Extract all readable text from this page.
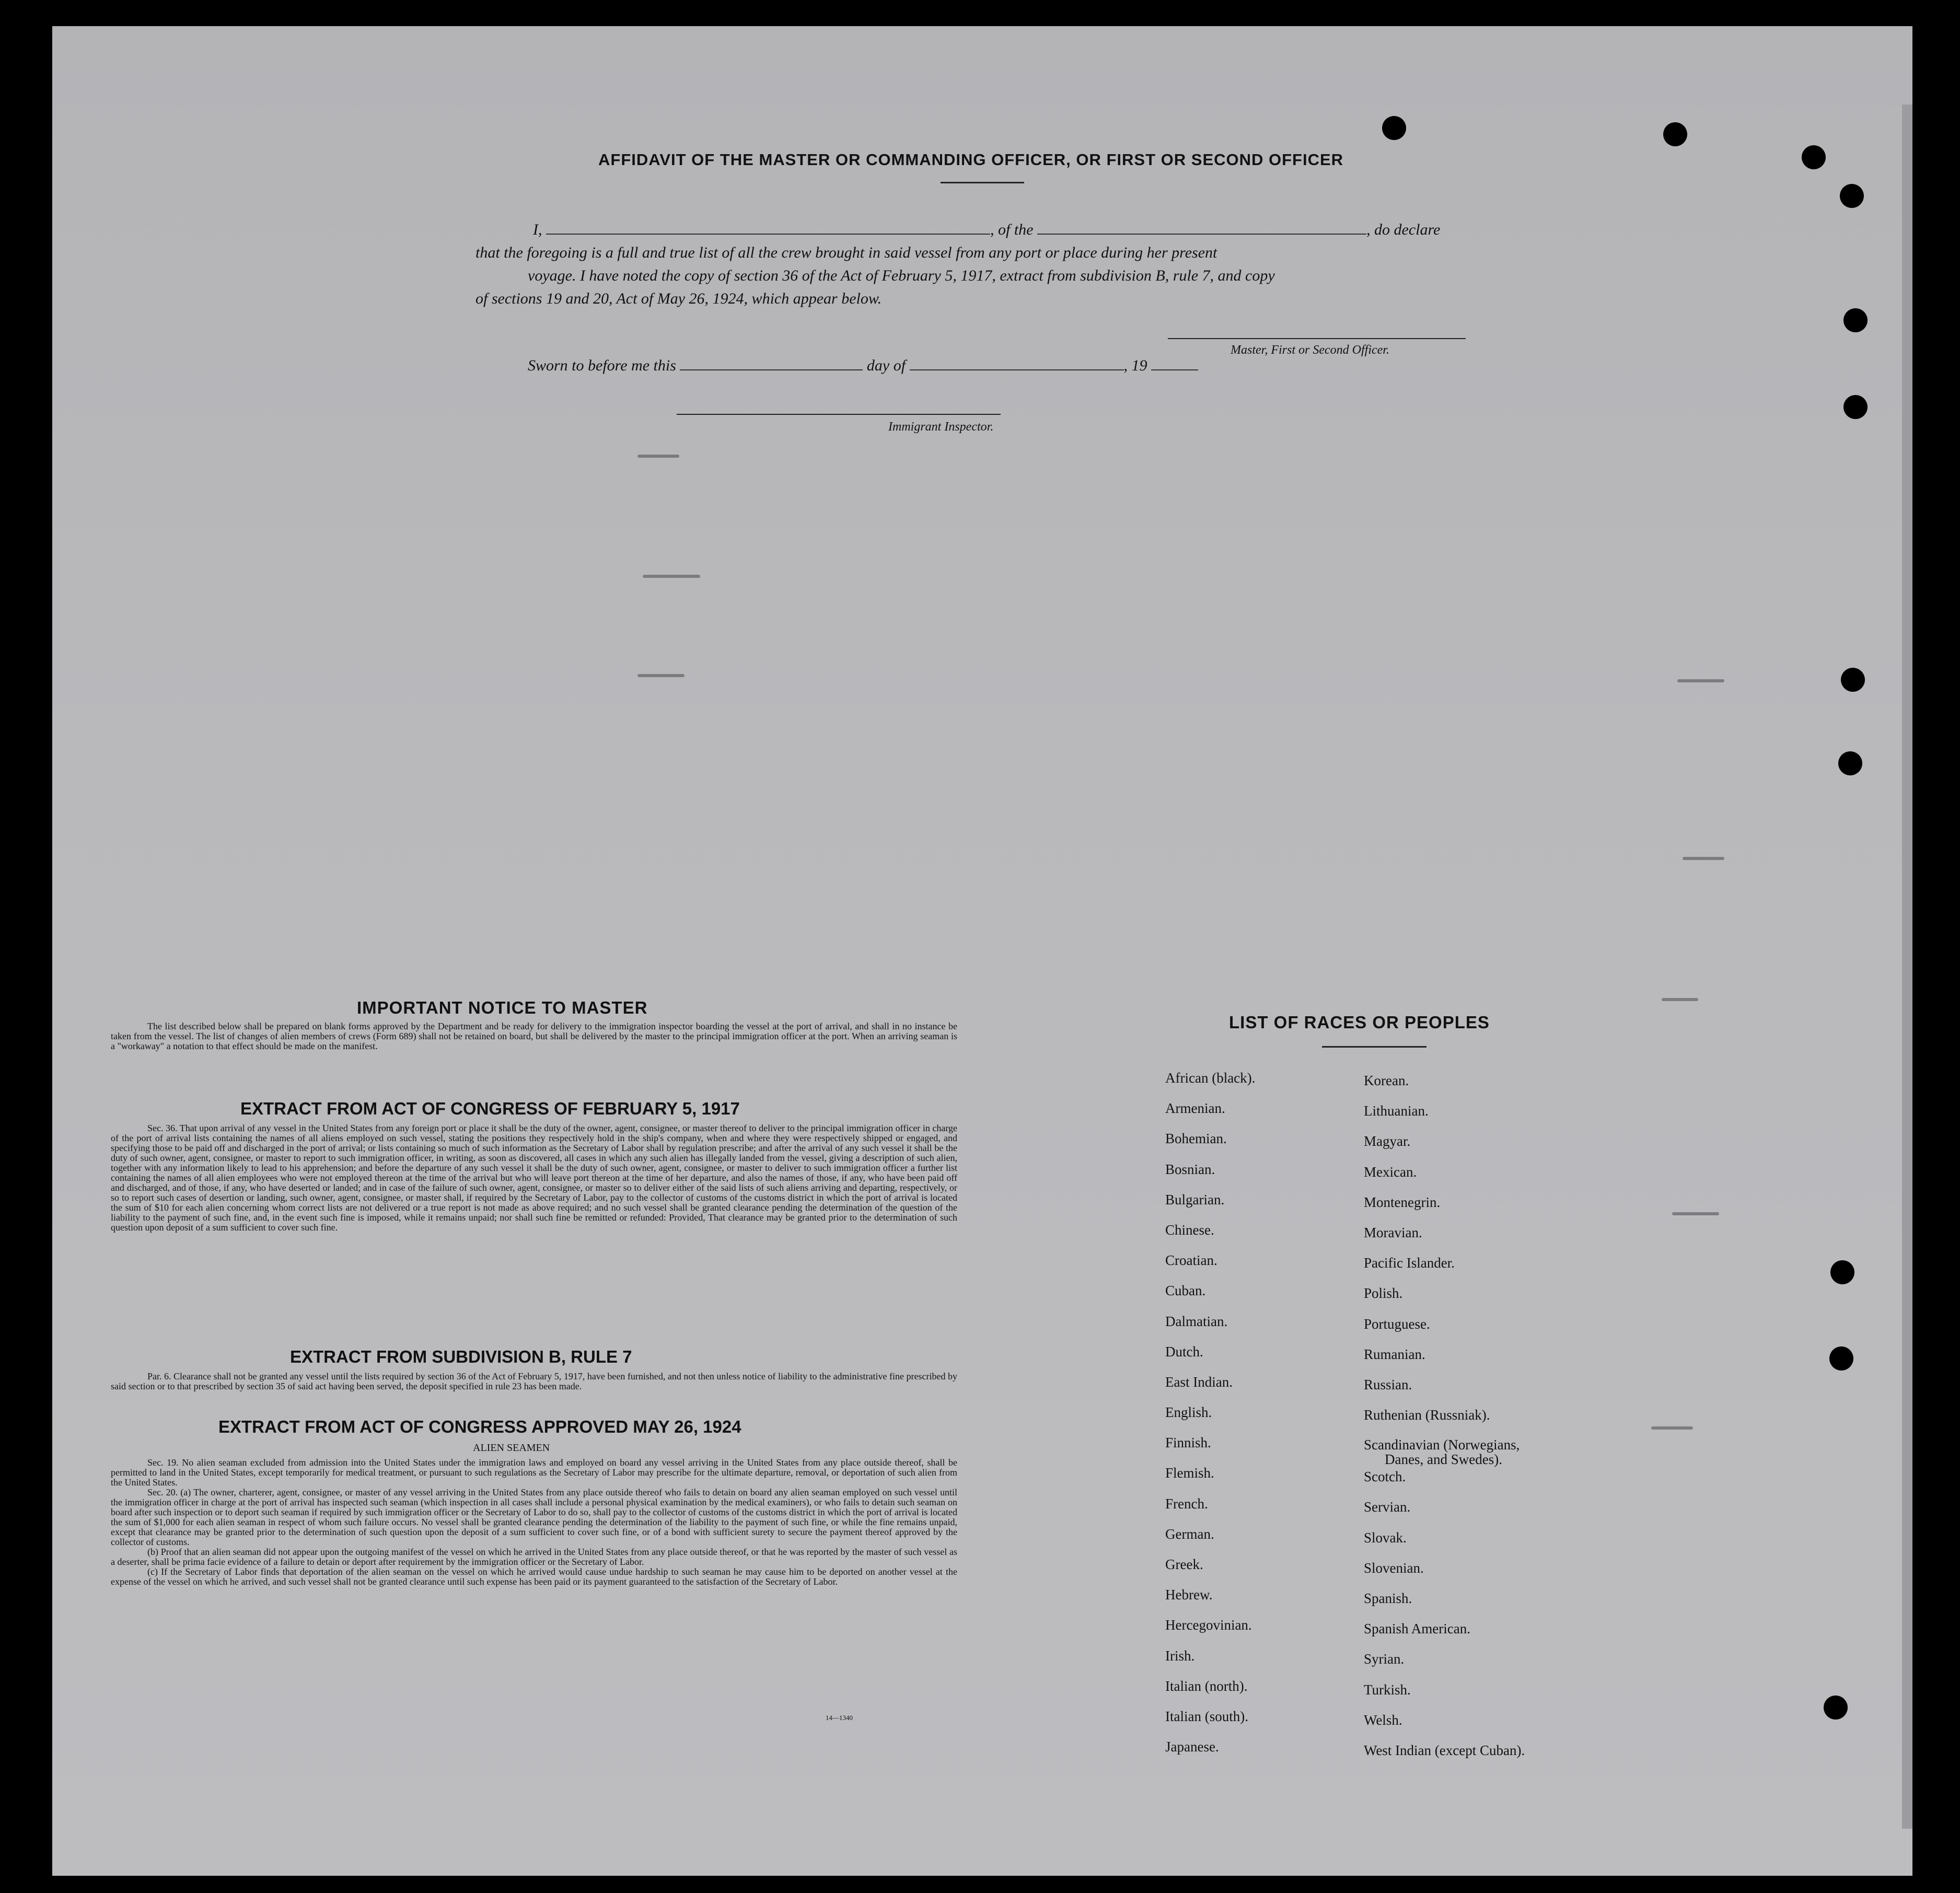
AFFIDAVIT OF THE MASTER OR COMMANDING OFFICER, OR FIRST OR SECOND OFFICER
I,	, of the	, do declare
that the foregoing is a full and true list of all the crew brought in said vessel from any port or place during her present
voyage. I have noted the copy of section 36 of the Act of February 5, 1917, extract from subdivision B, rule 7, and copy
of sections 19 and 20, Act of May 26, 1924, which appear below.
Master, First or Second Officer.
Sworn to before me this	day of	, 19
Immigrant Inspector.
IMPORTANT NOTICE TO MASTER
The list described below shall be prepared on blank forms approved by the Department and be ready for delivery to the immigration inspector boarding the vessel at the port of arrival, and shall in no instance be taken from the vessel. The list of changes of alien members of crews (Form 689) shall not be retained on board, but shall be delivered by the master to the principal immigration officer at the port. When an arriving seaman is a "workaway" a notation to that effect should be made on the manifest.
EXTRACT FROM ACT OF CONGRESS OF FEBRUARY 5, 1917
Sec. 36. That upon arrival of any vessel in the United States from any foreign port or place it shall be the duty of the owner, agent, consignee, or master thereof to deliver to the principal immigration officer in charge of the port of arrival lists containing the names of all aliens employed on such vessel, stating the positions they respectively hold in the ship's company, when and where they were respectively shipped or engaged, and specifying those to be paid off and discharged in the port of arrival; or lists containing so much of such information as the Secretary of Labor shall by regulation prescribe; and after the arrival of any such vessel it shall be the duty of such owner, agent, consignee, or master to report to such immigration officer, in writing, as soon as discovered, all cases in which any such alien has illegally landed from the vessel, giving a description of such alien, together with any information likely to lead to his apprehension; and before the departure of any such vessel it shall be the duty of such owner, agent, consignee, or master to deliver to such immigration officer a further list containing the names of all alien employees who were not employed thereon at the time of the arrival but who will leave port thereon at the time of her departure, and also the names of those, if any, who have been paid off and discharged, and of those, if any, who have deserted or landed; and in case of the failure of such owner, agent, consignee, or master so to deliver either of the said lists of such aliens arriving and departing, respectively, or so to report such cases of desertion or landing, such owner, agent, consignee, or master shall, if required by the Secretary of Labor, pay to the collector of customs of the customs district in which the port of arrival is located the sum of $10 for each alien concerning whom correct lists are not delivered or a true report is not made as above required; and no such vessel shall be granted clearance pending the determination of the question of the liability to the payment of such fine, and, in the event such fine is imposed, while it remains unpaid; nor shall such fine be remitted or refunded: Provided, That clearance may be granted prior to the determination of such question upon deposit of a sum sufficient to cover such fine.
EXTRACT FROM SUBDIVISION B, RULE 7
Par. 6. Clearance shall not be granted any vessel until the lists required by section 36 of the Act of February 5, 1917, have been furnished, and not then unless notice of liability to the administrative fine prescribed by said section or to that prescribed by section 35 of said act having been served, the deposit specified in rule 23 has been made.
EXTRACT FROM ACT OF CONGRESS APPROVED MAY 26, 1924
ALIEN SEAMEN
Sec. 19. No alien seaman excluded from admission into the United States under the immigration laws and employed on board any vessel arriving in the United States from any place outside thereof, shall be permitted to land in the United States, except temporarily for medical treatment, or pursuant to such regulations as the Secretary of Labor may prescribe for the ultimate departure, removal, or deportation of such alien from the United States.
Sec. 20. (a) The owner, charterer, agent, consignee, or master of any vessel arriving in the United States from any place outside thereof who fails to detain on board any alien seaman employed on such vessel until the immigration officer in charge at the port of arrival has inspected such seaman (which inspection in all cases shall include a personal physical examination by the medical examiners), or who fails to detain such seaman on board after such inspection or to deport such seaman if required by such immigration officer or the Secretary of Labor to do so, shall pay to the collector of customs of the customs district in which the port of arrival is located the sum of $1,000 for each alien seaman in respect of whom such failure occurs. No vessel shall be granted clearance pending the determination of the liability to the payment of such fine, or while the fine remains unpaid, except that clearance may be granted prior to the determination of such question upon the deposit of a sum sufficient to cover such fine, or of a bond with sufficient surety to secure the payment thereof approved by the collector of customs.
(b) Proof that an alien seaman did not appear upon the outgoing manifest of the vessel on which he arrived in the United States from any place outside thereof, or that he was reported by the master of such vessel as a deserter, shall be prima facie evidence of a failure to detain or deport after requirement by the immigration officer or the Secretary of Labor.
(c) If the Secretary of Labor finds that deportation of the alien seaman on the vessel on which he arrived would cause undue hardship to such seaman he may cause him to be deported on another vessel at the expense of the vessel on which he arrived, and such vessel shall not be granted clearance until such expense has been paid or its payment guaranteed to the satisfaction of the Secretary of Labor.
14—1340
LIST OF RACES OR PEOPLES
African (black).
Armenian.
Bohemian.
Bosnian.
Bulgarian.
Chinese.
Croatian.
Cuban.
Dalmatian.
Dutch.
East Indian.
English.
Finnish.
Flemish.
French.
German.
Greek.
Hebrew.
Hercegovinian.
Irish.
Italian (north).
Italian (south).
Japanese.
Korean.
Lithuanian.
Magyar.
Mexican.
Montenegrin.
Moravian.
Pacific Islander.
Polish.
Portuguese.
Rumanian.
Russian.
Ruthenian (Russniak).
Scandinavian (Norwegians,
Danes, and Swedes).
Scotch.
Servian.
Slovak.
Slovenian.
Spanish.
Spanish American.
Syrian.
Turkish.
Welsh.
West Indian (except Cuban).
